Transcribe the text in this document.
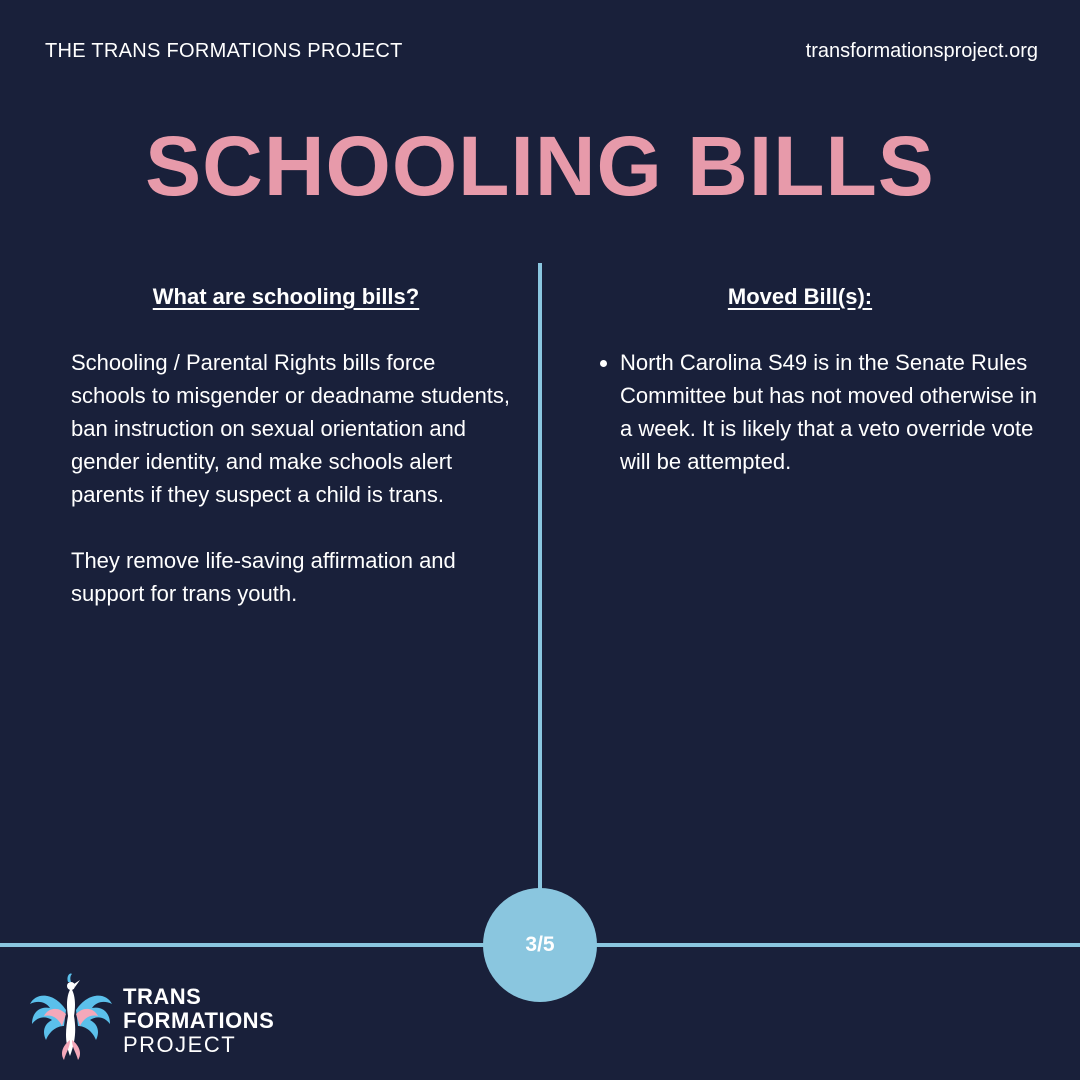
THE TRANS FORMATIONS PROJECT	transformationsproject.org
SCHOOLING BILLS
What are schooling bills?

Schooling / Parental Rights bills force schools to misgender or deadname students, ban instruction on sexual orientation and gender identity, and make schools alert parents if they suspect a child is trans.

They remove life-saving affirmation and support for trans youth.

Moved Bill(s):
• North Carolina S49 is in the Senate Rules Committee but has not moved otherwise in a week. It is likely that a veto override vote will be attempted.
3/5
TRANS
FORMATIONS
PROJECT
